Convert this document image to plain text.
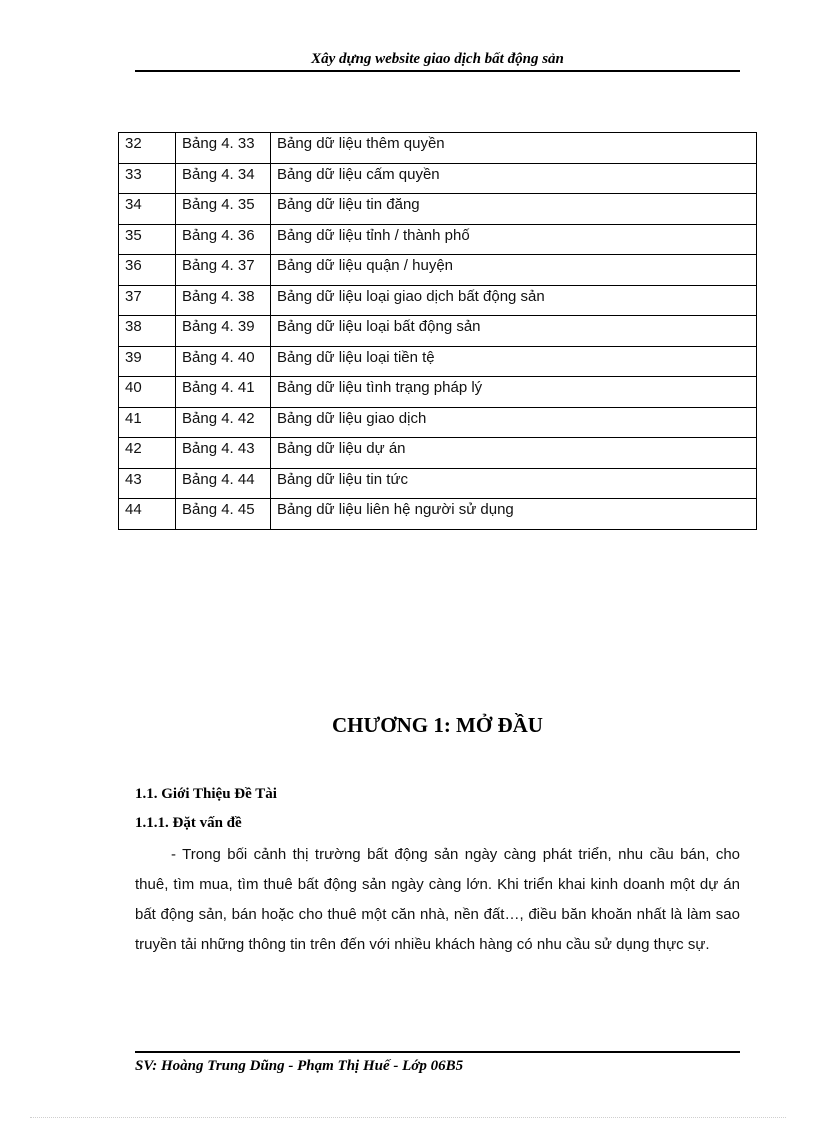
Xây dựng website giao dịch bất động sản
32	Bảng 4. 33	Bảng dữ liệu thêm quyền
33	Bảng 4. 34	Bảng dữ liệu cấm quyền
34	Bảng 4. 35	Bảng dữ liệu tin đăng
35	Bảng 4. 36	Bảng dữ liệu tỉnh / thành phố
36	Bảng 4. 37	Bảng dữ liệu quận / huyện
37	Bảng 4. 38	Bảng dữ liệu loại giao dịch bất động sản
38	Bảng 4. 39	Bảng dữ liệu loại bất động sản
39	Bảng 4. 40	Bảng dữ liệu loại tiền tệ
40	Bảng 4. 41	Bảng dữ liệu tình trạng pháp lý
41	Bảng 4. 42	Bảng dữ liệu giao dịch
42	Bảng 4. 43	Bảng dữ liệu dự án
43	Bảng 4. 44	Bảng dữ liệu tin tức
44	Bảng 4. 45	Bảng dữ liệu liên hệ người sử dụng
CHƯƠNG 1: MỞ ĐẦU
1.1. Giới Thiệu Đề Tài
1.1.1. Đặt vấn đề
- Trong bối cảnh thị trường bất động sản ngày càng phát triển, nhu cầu bán, cho thuê, tìm mua, tìm thuê bất động sản ngày càng lớn. Khi triển khai kinh doanh một dự án bất động sản, bán hoặc cho thuê một căn nhà, nền đất…, điều băn khoăn nhất là làm sao truyền tải những thông tin trên đến với nhiều khách hàng có nhu cầu sử dụng thực sự.
SV: Hoàng Trung Dũng - Phạm Thị Huế - Lớp 06B5
